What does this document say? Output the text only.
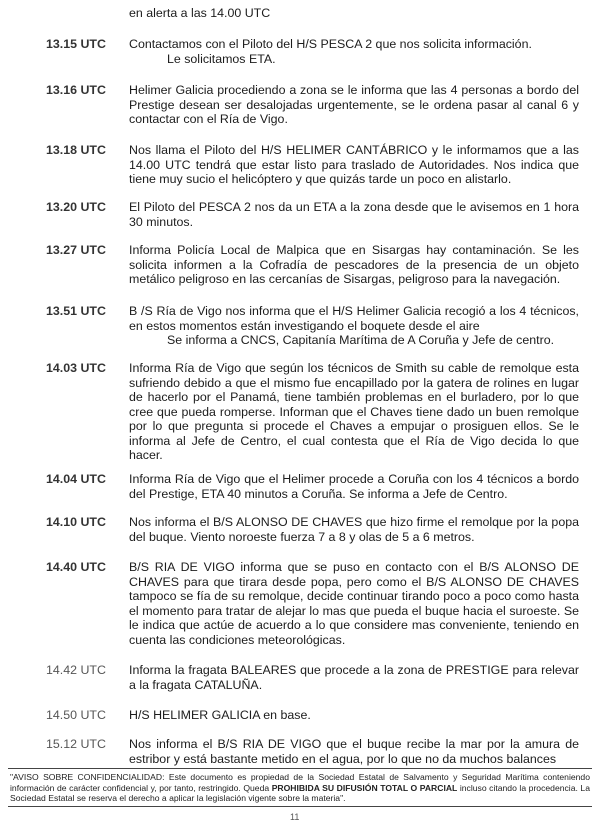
en alerta a las 14.00 UTC
13.15 UTC Contactamos con el Piloto del H/S PESCA 2 que nos solicita información.

Le solicitamos ETA.

13.16 UTC Helimer Galicia procediendo a zona se le informa que las 4 personas a bordo del Prestige desean ser desalojadas urgentemente, se le ordena pasar al canal 6 y contactar con el Ría de Vigo.

13.18 UTC Nos llama el Piloto del H/S HELIMER CANTÁBRICO y le informamos que a las 14.00 UTC tendrá que estar listo para traslado de Autoridades. Nos indica que tiene muy sucio el helicóptero y que quizás tarde un poco en alistarlo.

13.20 UTC El Piloto del PESCA 2 nos da un ETA a la zona desde que le avisemos en 1 hora 30 minutos.

13.27 UTC Informa Policía Local de Malpica que en Sisargas hay contaminación. Se les solicita informen a la Cofradía de pescadores de la presencia de un objeto metálico peligroso en las cercanías de Sisargas, peligroso para la navegación.

13.51 UTC B /S Ría de Vigo nos informa que el H/S Helimer Galicia recogió a los 4 técnicos, en estos momentos están investigando el boquete desde el aire

Se informa a CNCS, Capitanía Marítima de A Coruña y Jefe de centro.

14.03 UTC Informa Ría de Vigo que según los técnicos de Smith su cable de remolque esta sufriendo debido a que el mismo fue encapillado por la gatera de rolines en lugar de hacerlo por el Panamá, tiene también problemas en el burladero, por lo que cree que pueda romperse. Informan que el Chaves tiene dado un buen remolque por lo que pregunta si procede el Chaves a empujar o prosiguen ellos. Se le informa al Jefe de Centro, el cual contesta que el Ría de Vigo decida lo que hacer.

14.04 UTC Informa Ría de Vigo que el Helimer procede a Coruña con los 4 técnicos a bordo del Prestige, ETA 40 minutos a Coruña. Se informa a Jefe de Centro.

14.10 UTC Nos informa el B/S ALONSO DE CHAVES que hizo firme el remolque por la popa del buque. Viento noroeste fuerza 7 a 8 y olas de 5 a 6 metros.

14.40 UTC B/S RIA DE VIGO informa que se puso en contacto con el B/S ALONSO DE CHAVES para que tirara desde popa, pero como el B/S ALONSO DE CHAVES tampoco se fía de su remolque, decide continuar tirando poco a poco como hasta el momento para tratar de alejar lo mas que pueda el buque hacia el suroeste. Se le indica que actúe de acuerdo a lo que considere mas conveniente, teniendo en cuenta las condiciones meteorológicas.

14.42 UTC Informa la fragata BALEARES que procede a la zona de PRESTIGE para relevar a la fragata CATALUÑA.

14.50 UTC H/S HELIMER GALICIA en base.

15.12 UTC Nos informa el B/S RIA DE VIGO que el buque recibe la mar por la amura de estribor y está bastante metido en el agua, por lo que no da muchos balances

"AVISO SOBRE CONFIDENCIALIDAD: Este documento es propiedad de la Sociedad Estatal de Salvamento y Seguridad Marítima conteniendo información de carácter confidencial y, por tanto, restringido. Queda PROHIBIDA SU DIFUSIÓN TOTAL O PARCIAL incluso citando la procedencia. La Sociedad Estatal se reserva el derecho a aplicar la legislación vigente sobre la materia".
11
